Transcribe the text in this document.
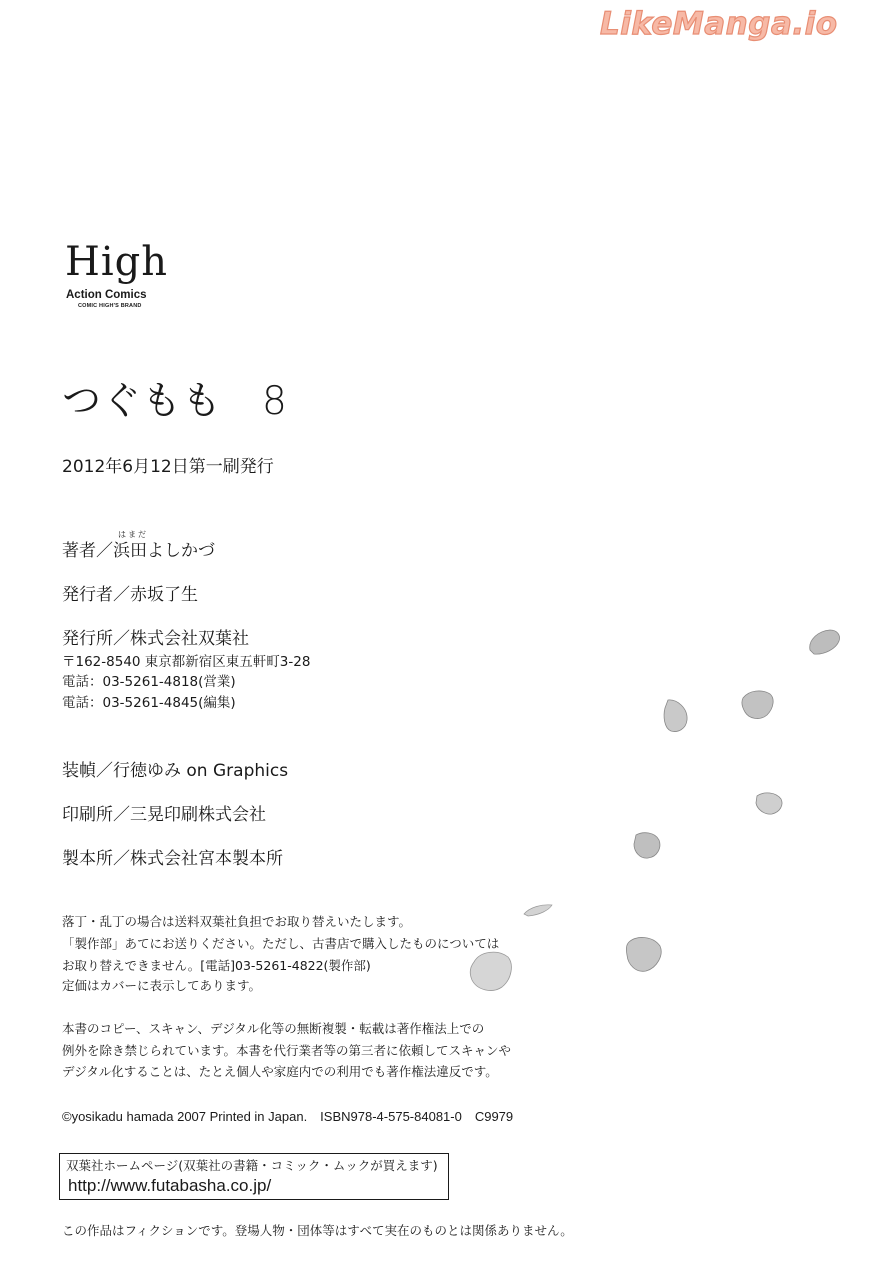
LikeManga.io
High
Action Comics
COMIC HIGH'S BRAND
つぐもも　8
2012年6月12日第一刷発行
はまだ
著者／浜田よしかづ
発行者／赤坂了生
発行所／株式会社双葉社
〒162-8540 東京都新宿区東五軒町3-28
電話：03-5261-4818(営業)
電話：03-5261-4845(編集)
装幀／行徳ゆみ on Graphics
印刷所／三晃印刷株式会社
製本所／株式会社宮本製本所
落丁・乱丁の場合は送料双葉社負担でお取り替えいたします。
「製作部」あてにお送りください。ただし、古書店で購入したものについては
お取り替えできません。[電話]03-5261-4822(製作部)
定価はカバーに表示してあります。
本書のコピー、スキャン、デジタル化等の無断複製・転載は著作権法上での
例外を除き禁じられています。本書を代行業者等の第三者に依頼してスキャンや
デジタル化することは、たとえ個人や家庭内での利用でも著作権法違反です。
©yosikadu hamada 2007 Printed in Japan.　ISBN978-4-575-84081-0　C9979
双葉社ホームページ(双葉社の書籍・コミック・ムックが買えます)
http://www.futabasha.co.jp/
この作品はフィクションです。登場人物・団体等はすべて実在のものとは関係ありません。
